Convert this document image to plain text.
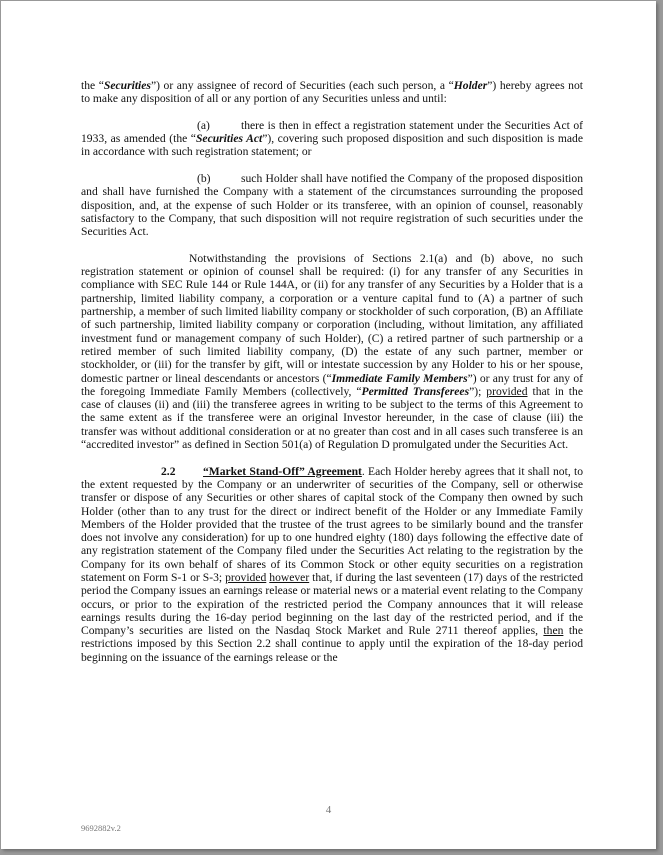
the “Securities”) or any assignee of record of Securities (each such person, a “Holder”) hereby agrees not to make any disposition of all or any portion of any Securities unless and until:

(a)	there is then in effect a registration statement under the Securities Act of 1933, as amended (the “Securities Act”), covering such proposed disposition and such disposition is made in accordance with such registration statement; or

(b)	such Holder shall have notified the Company of the proposed disposition and shall have furnished the Company with a statement of the circumstances surrounding the proposed disposition, and, at the expense of such Holder or its transferee, with an opinion of counsel, reasonably satisfactory to the Company, that such disposition will not require registration of such securities under the Securities Act.

Notwithstanding the provisions of Sections 2.1(a) and (b) above, no such registration statement or opinion of counsel shall be required: (i) for any transfer of any Securities in compliance with SEC Rule 144 or Rule 144A, or (ii) for any transfer of any Securities by a Holder that is a partnership, limited liability company, a corporation or a venture capital fund to (A) a partner of such partnership, a member of such limited liability company or stockholder of such corporation, (B) an Affiliate of such partnership, limited liability company or corporation (including, without limitation, any affiliated investment fund or management company of such Holder), (C) a retired partner of such partnership or a retired member of such limited liability company, (D) the estate of any such partner, member or stockholder, or (iii) for the transfer by gift, will or intestate succession by any Holder to his or her spouse, domestic partner or lineal descendants or ancestors (“Immediate Family Members”) or any trust for any of the foregoing Immediate Family Members (collectively, “Permitted Transferees”); provided that in the case of clauses (ii) and (iii) the transferee agrees in writing to be subject to the terms of this Agreement to the same extent as if the transferee were an original Investor hereunder, in the case of clause (iii) the transfer was without additional consideration or at no greater than cost and in all cases such transferee is an “accredited investor” as defined in Section 501(a) of Regulation D promulgated under the Securities Act.

2.2 “Market Stand-Off” Agreement. Each Holder hereby agrees that it shall not, to the extent requested by the Company or an underwriter of securities of the Company, sell or otherwise transfer or dispose of any Securities or other shares of capital stock of the Company then owned by such Holder (other than to any trust for the direct or indirect benefit of the Holder or any Immediate Family Members of the Holder provided that the trustee of the trust agrees to be similarly bound and the transfer does not involve any consideration) for up to one hundred eighty (180) days following the effective date of any registration statement of the Company filed under the Securities Act relating to the registration by the Company for its own behalf of shares of its Common Stock or other equity securities on a registration statement on Form S-1 or S-3; provided however that, if during the last seventeen (17) days of the restricted period the Company issues an earnings release or material news or a material event relating to the Company occurs, or prior to the expiration of the restricted period the Company announces that it will release earnings results during the 16-day period beginning on the last day of the restricted period, and if the Company’s securities are listed on the Nasdaq Stock Market and Rule 2711 thereof applies, then the restrictions imposed by this Section 2.2 shall continue to apply until the expiration of the 18-day period beginning on the issuance of the earnings release or the

4
9692882v.2
